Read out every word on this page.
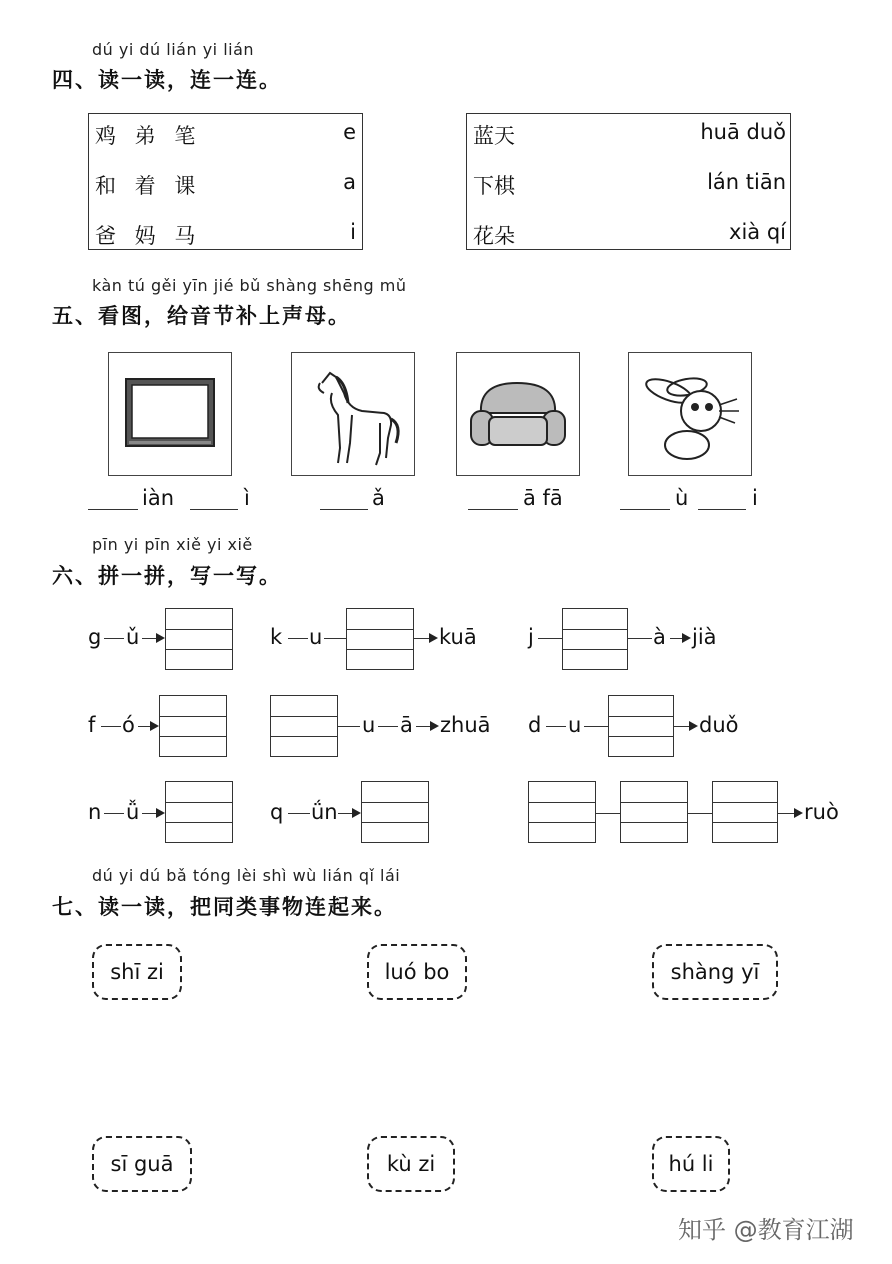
dú yi dú lián yi lián
四、读一读，连一连。
鸡 弟 笔	e
和 着 课	a
爸 妈 马	i
蓝天	huā duǒ
下棋	lán tiān
花朵	xià qí
kàn tú gěi yīn jié bǔ shàng shēng mǔ
五、看图，给音节补上声母。
iàn	ì	ǎ	ā fā	ù	i
pīn yi pīn xiě yi xiě
六、拼一拼，写一写。
g ǔ	k u	kuā j	à jià
f ó	u ā zhuā d u	duǒ
n ǚ	q ǘn	ruò
dú yi dú bǎ tóng lèi shì wù lián qǐ lái
七、读一读，把同类事物连起来。
shī zi	luó bo	shàng yī
sī guā	kù zi	hú li
知乎 @教育江湖
